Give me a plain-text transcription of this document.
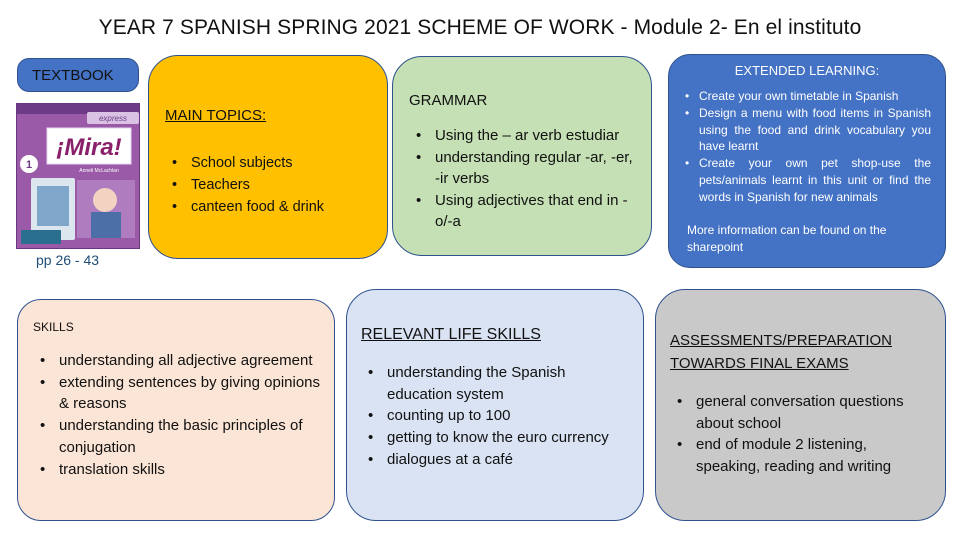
YEAR 7 SPANISH SPRING 2021 SCHEME OF WORK - Module 2- En el instituto
TEXTBOOK
express
¡Mira!
Anneli McLachlan
1
pp 26 - 43
MAIN TOPICS:
• School subjects
• Teachers
• canteen food & drink
GRAMMAR
• Using the – ar verb estudiar
• understanding regular -ar, -er, -ir verbs
• Using adjectives that end in -o/-a
EXTENDED LEARNING:
• Create your own timetable in Spanish
• Design a menu with food items in Spanish using the food and drink vocabulary you have learnt
• Create your own pet shop-use the pets/animals learnt in this unit or find the words in Spanish for new animals
More information can be found on the sharepoint
SKILLS
• understanding all adjective agreement
• extending sentences by giving opinions & reasons
• understanding the basic principles of conjugation
• translation skills
RELEVANT LIFE SKILLS
• understanding the Spanish education system
• counting up to 100
• getting to know the euro currency
• dialogues at a café
ASSESSMENTS/PREPARATION TOWARDS FINAL EXAMS
• general conversation questions about school
• end of module 2 listening, speaking, reading and writing
